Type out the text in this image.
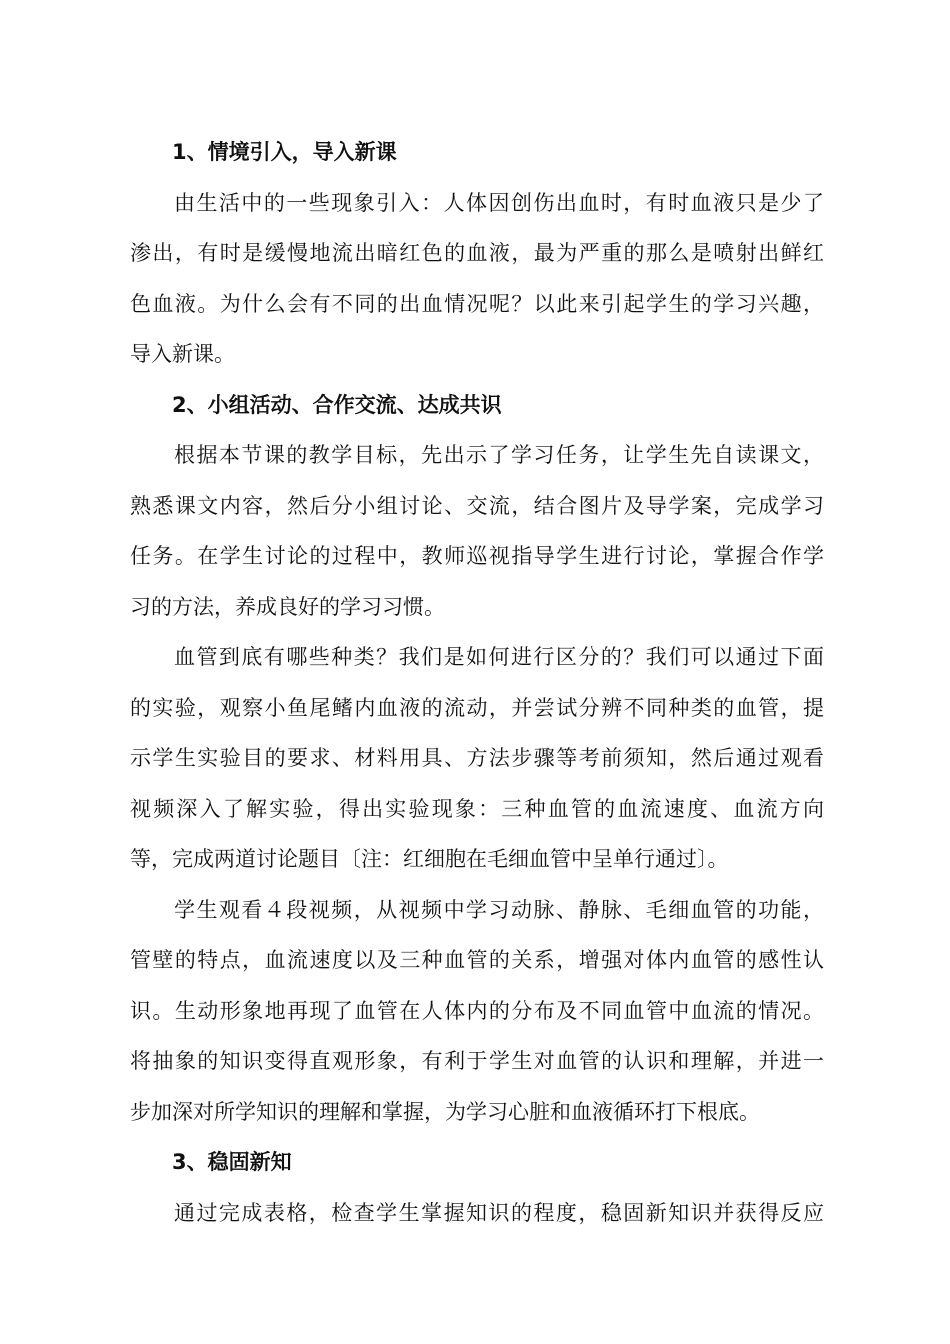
1、情境引入，导入新课
由生活中的一些现象引入：人体因创伤出血时，有时血液只是少了
渗出，有时是缓慢地流出暗红色的血液，最为严重的那么是喷射出鲜红
色血液。为什么会有不同的出血情况呢？以此来引起学生的学习兴趣，
导入新课。
2、小组活动、合作交流、达成共识
根据本节课的教学目标，先出示了学习任务，让学生先自读课文，
熟悉课文内容，然后分小组讨论、交流，结合图片及导学案，完成学习
任务。在学生讨论的过程中，教师巡视指导学生进行讨论，掌握合作学
习的方法，养成良好的学习习惯。
血管到底有哪些种类？我们是如何进行区分的？我们可以通过下面
的实验，观察小鱼尾鳍内血液的流动，并尝试分辨不同种类的血管，提
示学生实验目的要求、材料用具、方法步骤等考前须知，然后通过观看
视频深入了解实验，得出实验现象：三种血管的血流速度、血流方向
等，完成两道讨论题目〔注：红细胞在毛细血管中呈单行通过〕。
学生观看４段视频，从视频中学习动脉、静脉、毛细血管的功能，
管壁的特点，血流速度以及三种血管的关系，增强对体内血管的感性认
识。生动形象地再现了血管在人体内的分布及不同血管中血流的情况。
将抽象的知识变得直观形象，有利于学生对血管的认识和理解，并进一
步加深对所学知识的理解和掌握，为学习心脏和血液循环打下根底。
3、稳固新知
通过完成表格，检查学生掌握知识的程度，稳固新知识并获得反应
